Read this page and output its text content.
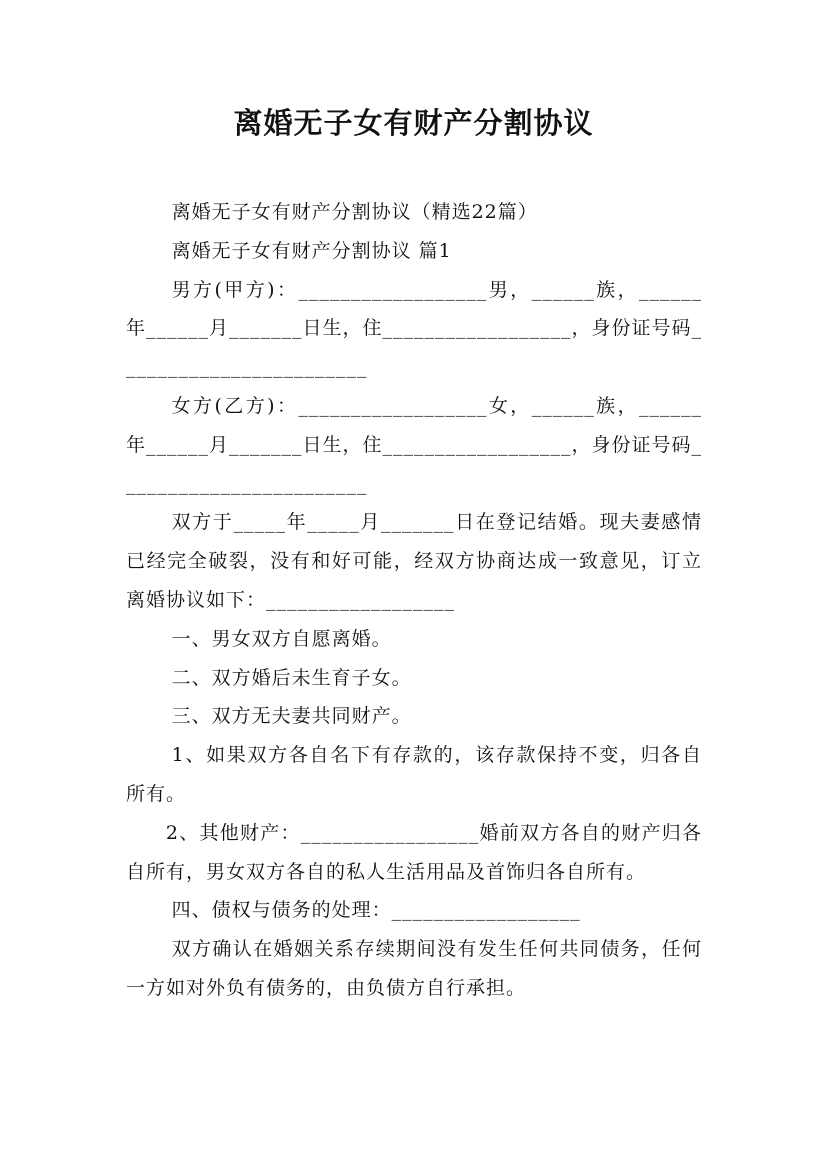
离婚无子女有财产分割协议

离婚无子女有财产分割协议（精选22篇）

离婚无子女有财产分割协议 篇1

男方(甲方)：__________________男，______族，______年______月_______日生，住__________________，身份证号码________________________

女方(乙方)：__________________女，______族，______年______月_______日生，住__________________，身份证号码________________________

双方于_____年_____月_______日在登记结婚。现夫妻感情已经完全破裂，没有和好可能，经双方协商达成一致意见，订立离婚协议如下：__________________

一、男女双方自愿离婚。

二、双方婚后未生育子女。

三、双方无夫妻共同财产。

1、如果双方各自名下有存款的，该存款保持不变，归各自所有。

2、其他财产：_________________婚前双方各自的财产归各自所有，男女双方各自的私人生活用品及首饰归各自所有。

四、债权与债务的处理：__________________

双方确认在婚姻关系存续期间没有发生任何共同债务，任何一方如对外负有债务的，由负债方自行承担。
